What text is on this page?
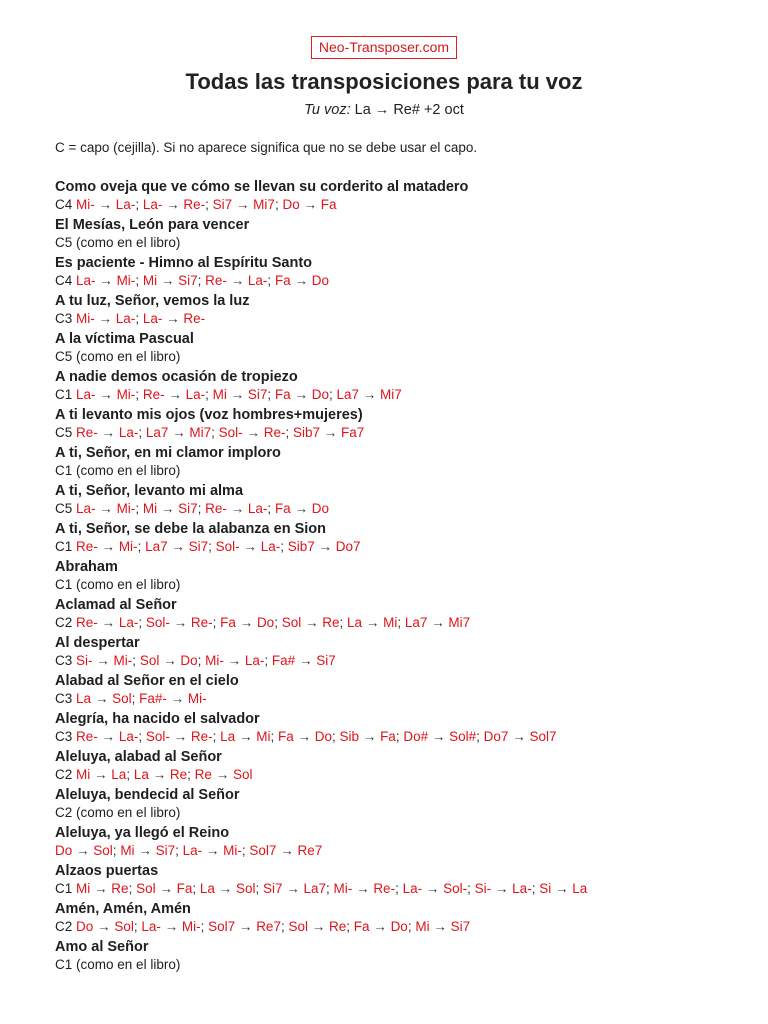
Neo-Transposer.com
Todas las transposiciones para tu voz
Tu voz: La → Re# +2 oct
C = capo (cejilla). Si no aparece significa que no se debe usar el capo.
Como oveja que ve cómo se llevan su corderito al matadero
C4 Mi- → La-; La- → Re-; Si7 → Mi7; Do → Fa
El Mesías, León para vencer
C5 (como en el libro)
Es paciente - Himno al Espíritu Santo
C4 La- → Mi-; Mi → Si7; Re- → La-; Fa → Do
A tu luz, Señor, vemos la luz
C3 Mi- → La-; La- → Re-
A la víctima Pascual
C5 (como en el libro)
A nadie demos ocasión de tropiezo
C1 La- → Mi-; Re- → La-; Mi → Si7; Fa → Do; La7 → Mi7
A ti levanto mis ojos (voz hombres+mujeres)
C5 Re- → La-; La7 → Mi7; Sol- → Re-; Sib7 → Fa7
A ti, Señor, en mi clamor imploro
C1 (como en el libro)
A ti, Señor, levanto mi alma
C5 La- → Mi-; Mi → Si7; Re- → La-; Fa → Do
A ti, Señor, se debe la alabanza en Sion
C1 Re- → Mi-; La7 → Si7; Sol- → La-; Sib7 → Do7
Abraham
C1 (como en el libro)
Aclamad al Señor
C2 Re- → La-; Sol- → Re-; Fa → Do; Sol → Re; La → Mi; La7 → Mi7
Al despertar
C3 Si- → Mi-; Sol → Do; Mi- → La-; Fa# → Si7
Alabad al Señor en el cielo
C3 La → Sol; Fa#- → Mi-
Alegría, ha nacido el salvador
C3 Re- → La-; Sol- → Re-; La → Mi; Fa → Do; Sib → Fa; Do# → Sol#; Do7 → Sol7
Aleluya, alabad al Señor
C2 Mi → La; La → Re; Re → Sol
Aleluya, bendecid al Señor
C2 (como en el libro)
Aleluya, ya llegó el Reino
Do → Sol; Mi → Si7; La- → Mi-; Sol7 → Re7
Alzaos puertas
C1 Mi → Re; Sol → Fa; La → Sol; Si7 → La7; Mi- → Re-; La- → Sol-; Si- → La-; Si → La
Amén, Amén, Amén
C2 Do → Sol; La- → Mi-; Sol7 → Re7; Sol → Re; Fa → Do; Mi → Si7
Amo al Señor
C1 (como en el libro)
